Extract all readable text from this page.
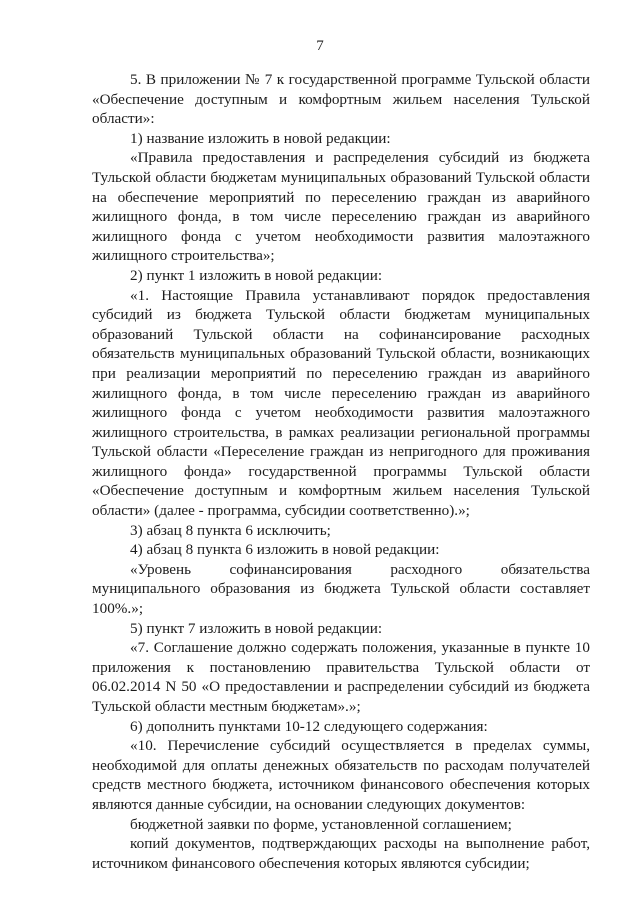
7

5. В приложении № 7 к государственной программе Тульской области «Обеспечение доступным и комфортным жильем населения Тульской области»:

1) название изложить в новой редакции:

«Правила предоставления и распределения субсидий из бюджета Тульской области бюджетам муниципальных образований Тульской области на обеспечение мероприятий по переселению граждан из аварийного жилищного фонда, в том числе переселению граждан из аварийного жилищного фонда с учетом необходимости развития малоэтажного жилищного строительства»;

2) пункт 1 изложить в новой редакции:

«1. Настоящие Правила устанавливают порядок предоставления субсидий из бюджета Тульской области бюджетам муниципальных образований Тульской области на софинансирование расходных обязательств муниципальных образований Тульской области, возникающих при реализации мероприятий по переселению граждан из аварийного жилищного фонда, в том числе переселению граждан из аварийного жилищного фонда с учетом необходимости развития малоэтажного жилищного строительства, в рамках реализации региональной программы Тульской области «Переселение граждан из непригодного для проживания жилищного фонда» государственной программы Тульской области «Обеспечение доступным и комфортным жильем населения Тульской области» (далее - программа, субсидии соответственно).»;

3) абзац 8 пункта 6 исключить;

4) абзац 8 пункта 6 изложить в новой редакции:

«Уровень софинансирования расходного обязательства муниципального образования из бюджета Тульской области составляет 100%.»;

5) пункт 7 изложить в новой редакции:

«7. Соглашение должно содержать положения, указанные в пункте 10 приложения к постановлению правительства Тульской области от 06.02.2014 N 50 «О предоставлении и распределении субсидий из бюджета Тульской области местным бюджетам».»;

6) дополнить пунктами 10-12 следующего содержания:

«10. Перечисление субсидий осуществляется в пределах суммы, необходимой для оплаты денежных обязательств по расходам получателей средств местного бюджета, источником финансового обеспечения которых являются данные субсидии, на основании следующих документов:

бюджетной заявки по форме, установленной соглашением;

копий документов, подтверждающих расходы на выполнение работ, источником финансового обеспечения которых являются субсидии;
